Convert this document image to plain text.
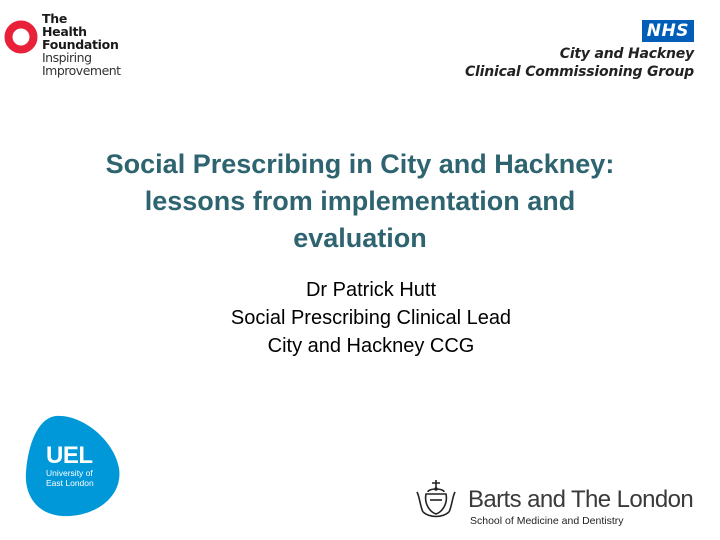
The
Health
Foundation
Inspiring
Improvement
NHS
City and Hackney
Clinical Commissioning Group
Social Prescribing in City and Hackney:
lessons from implementation and
evaluation
Dr Patrick Hutt
Social Prescribing Clinical Lead
City and Hackney CCG
UEL
University of
East London
Barts and The London
School of Medicine and Dentistry
